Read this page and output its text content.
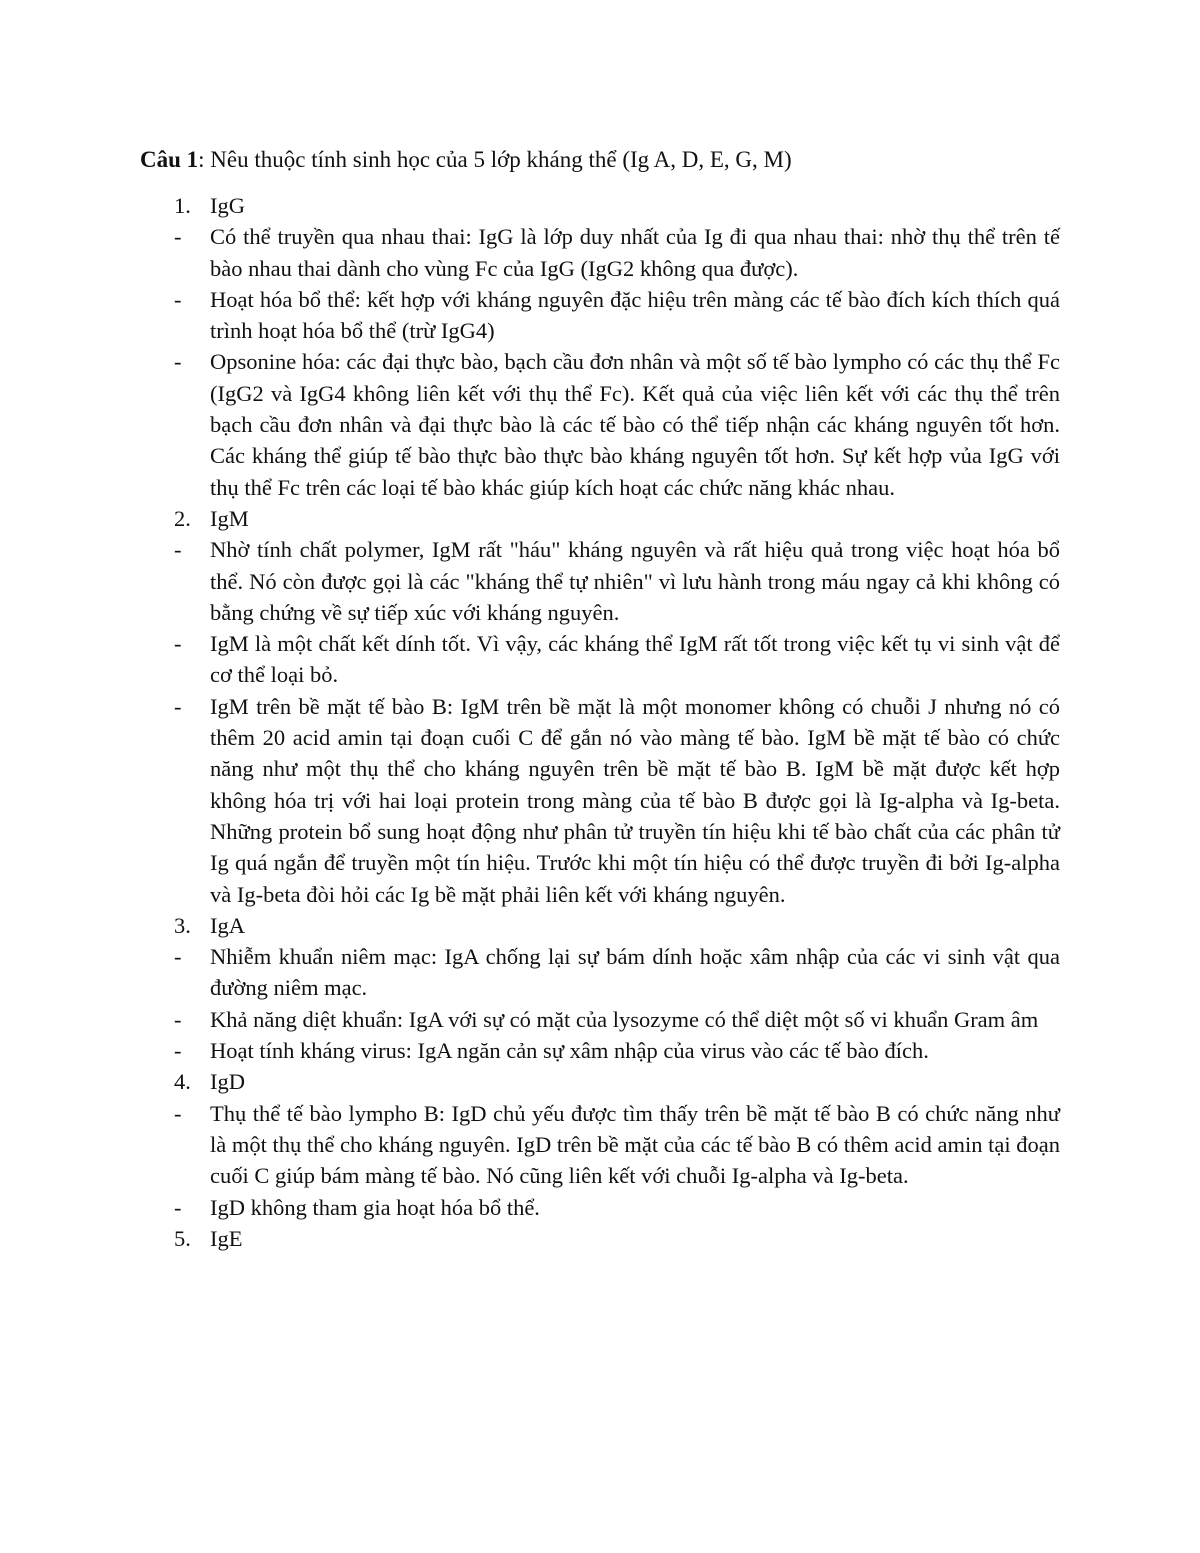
Câu 1: Nêu thuộc tính sinh học của 5 lớp kháng thể (Ig A, D, E, G, M)
1. IgG
-	Có thể truyền qua nhau thai: IgG là lớp duy nhất của Ig đi qua nhau thai: nhờ thụ thể trên tế bào nhau thai dành cho vùng Fc của IgG (IgG2 không qua được).
-	Hoạt hóa bổ thể: kết hợp với kháng nguyên đặc hiệu trên màng các tế bào đích kích thích quá trình hoạt hóa bổ thể (trừ IgG4)
-	Opsonine hóa: các đại thực bào, bạch cầu đơn nhân và một số tế bào lympho có các thụ thể Fc (IgG2 và IgG4 không liên kết với thụ thể Fc). Kết quả của việc liên kết với các thụ thể trên bạch cầu đơn nhân và đại thực bào là các tế bào có thể tiếp nhận các kháng nguyên tốt hơn. Các kháng thể giúp tế bào thực bào thực bào kháng nguyên tốt hơn. Sự kết hợp vủa IgG với thụ thể Fc trên các loại tế bào khác giúp kích hoạt các chức năng khác nhau.
2. IgM
-	Nhờ tính chất polymer, IgM rất "háu" kháng nguyên và rất hiệu quả trong việc hoạt hóa bổ thể. Nó còn được gọi là các "kháng thể tự nhiên" vì lưu hành trong máu ngay cả khi không có bằng chứng về sự tiếp xúc với kháng nguyên.
-	IgM là một chất kết dính tốt. Vì vậy, các kháng thể IgM rất tốt trong việc kết tụ vi sinh vật để cơ thể loại bỏ.
-	IgM trên bề mặt tế bào B: IgM trên bề mặt là một monomer không có chuỗi J nhưng nó có thêm 20 acid amin tại đoạn cuối C để gắn nó vào màng tế bào. IgM bề mặt tế bào có chức năng như một thụ thể cho kháng nguyên trên bề mặt tế bào B. IgM bề mặt được kết hợp không hóa trị với hai loại protein trong màng của tế bào B được gọi là Ig-alpha và Ig-beta. Những protein bổ sung hoạt động như phân tử truyền tín hiệu khi tế bào chất của các phân tử Ig quá ngắn để truyền một tín hiệu. Trước khi một tín hiệu có thể được truyền đi bởi Ig-alpha và Ig-beta đòi hỏi các Ig bề mặt phải liên kết với kháng nguyên.
3. IgA
-	Nhiễm khuẩn niêm mạc: IgA chống lại sự bám dính hoặc xâm nhập của các vi sinh vật qua đường niêm mạc.
-	Khả năng diệt khuẩn: IgA với sự có mặt của lysozyme có thể diệt một số vi khuẩn Gram âm
-	Hoạt tính kháng virus: IgA ngăn cản sự xâm nhập của virus vào các tế bào đích.
4. IgD
-	Thụ thể tế bào lympho B: IgD chủ yếu được tìm thấy trên bề mặt tế bào B có chức năng như là một thụ thể cho kháng nguyên. IgD trên bề mặt của các tế bào B có thêm acid amin tại đoạn cuối C giúp bám màng tế bào. Nó cũng liên kết với chuỗi Ig-alpha và Ig-beta.
-	IgD không tham gia hoạt hóa bổ thể.
5. IgE
